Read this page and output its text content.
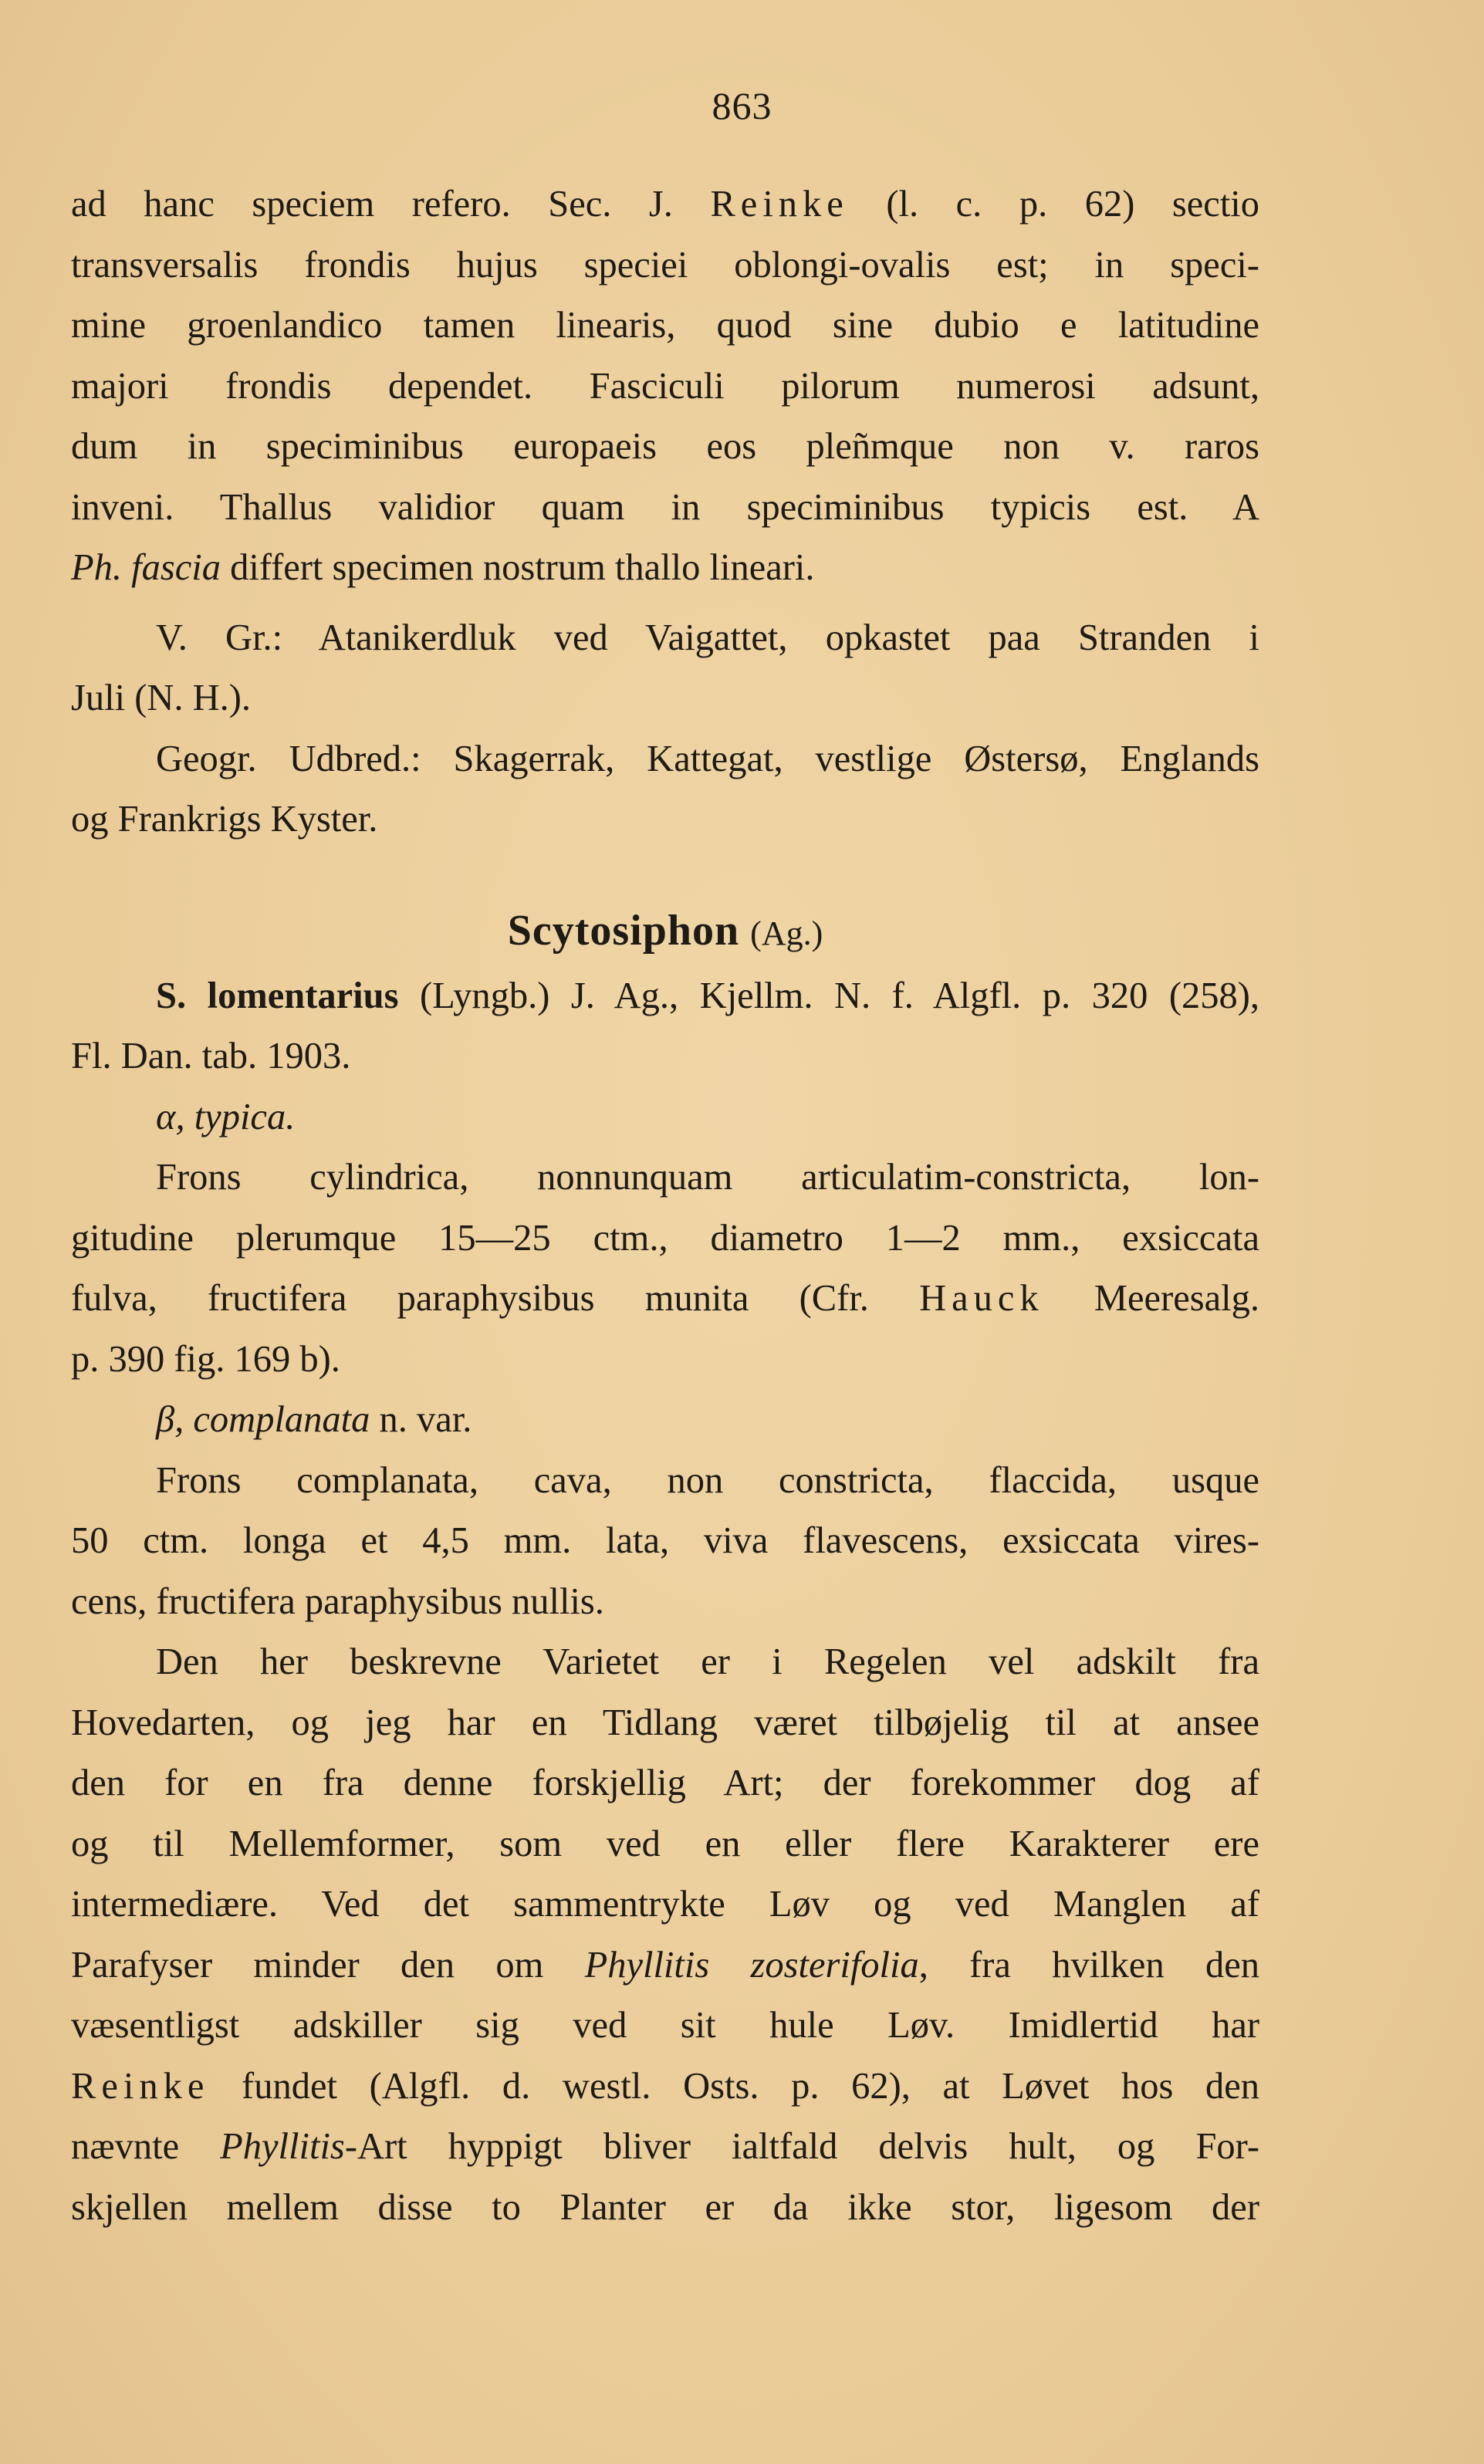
863
ad hanc speciem refero. Sec. J. Reinke (l. c. p. 62) sectio
transversalis frondis hujus speciei oblongi-ovalis est; in speci-
mine groenlandico tamen linearis, quod sine dubio e latitudine
majori frondis dependet. Fasciculi pilorum numerosi adsunt,
dum in speciminibus europaeis eos pleñmque non v. raros
inveni. Thallus validior quam in speciminibus typicis est. A
Ph. fascia differt specimen nostrum thallo lineari.
V. Gr.: Atanikerdluk ved Vaigattet, opkastet paa Stranden i
Juli (N. H.).
Geogr. Udbred.: Skagerrak, Kattegat, vestlige Østersø, Englands
og Frankrigs Kyster.
Scytosiphon (Ag.)
S. lomentarius (Lyngb.) J. Ag., Kjellm. N. f. Algfl. p. 320 (258),
Fl. Dan. tab. 1903.
α, typica.
Frons cylindrica, nonnunquam articulatim-constricta, lon-
gitudine plerumque 15—25 ctm., diametro 1—2 mm., exsiccata
fulva, fructifera paraphysibus munita (Cfr. Hauck Meeresalg.
p. 390 fig. 169 b).
β, complanata n. var.
Frons complanata, cava, non constricta, flaccida, usque
50 ctm. longa et 4,5 mm. lata, viva flavescens, exsiccata vires-
cens, fructifera paraphysibus nullis.
Den her beskrevne Varietet er i Regelen vel adskilt fra
Hovedarten, og jeg har en Tidlang været tilbøjelig til at ansee
den for en fra denne forskjellig Art; der forekommer dog af
og til Mellemformer, som ved en eller flere Karakterer ere
intermediære. Ved det sammentrykte Løv og ved Manglen af
Parafyser minder den om Phyllitis zosterifolia, fra hvilken den
væsentligst adskiller sig ved sit hule Løv. Imidlertid har
Reinke fundet (Algfl. d. westl. Osts. p. 62), at Løvet hos den
nævnte Phyllitis-Art hyppigt bliver ialtfald delvis hult, og For-
skjellen mellem disse to Planter er da ikke stor, ligesom der
